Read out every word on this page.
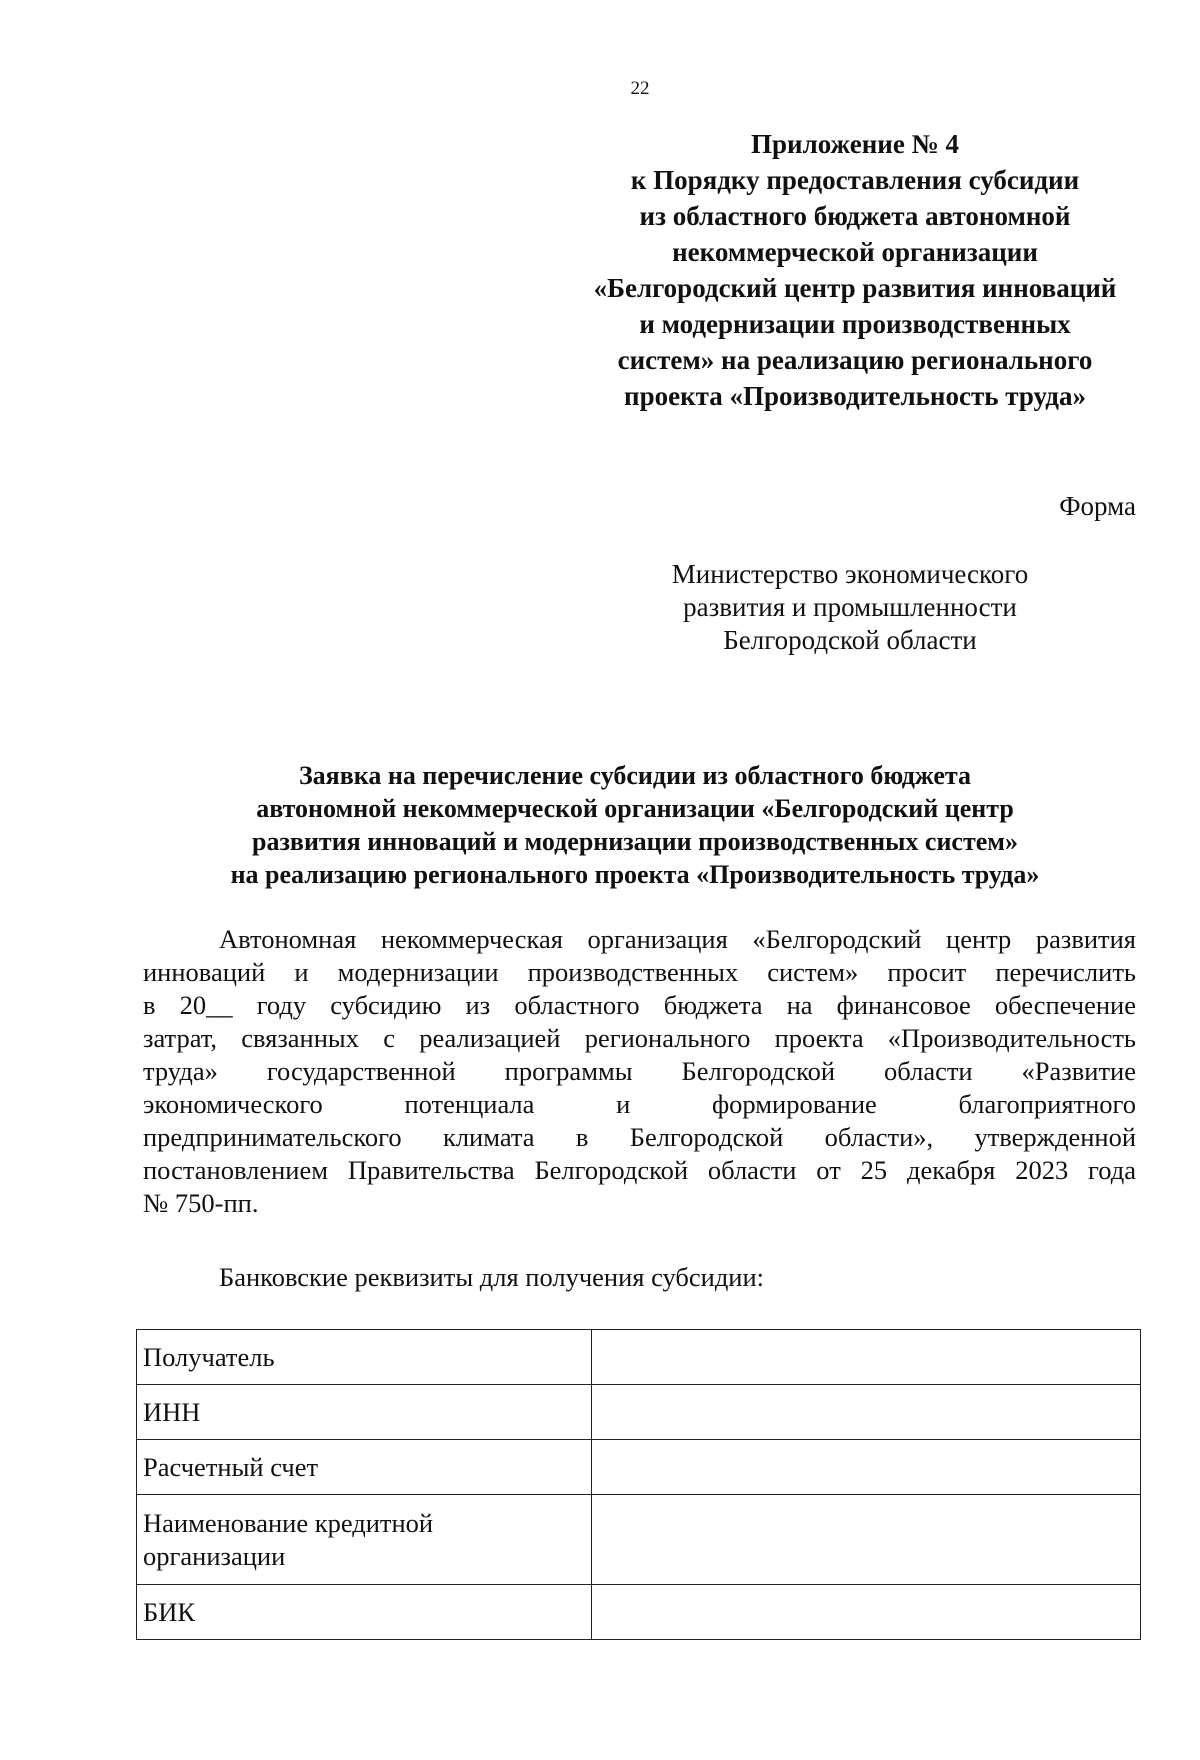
22
Приложение № 4
к Порядку предоставления субсидии
из областного бюджета автономной
некоммерческой организации
«Белгородский центр развития инноваций
и модернизации производственных
систем» на реализацию регионального
проекта «Производительность труда»
Форма
Министерство экономического
развития и промышленности
Белгородской области
Заявка на перечисление субсидии из областного бюджета
автономной некоммерческой организации «Белгородский центр
развития инноваций и модернизации производственных систем»
на реализацию регионального проекта «Производительность труда»
Автономная некоммерческая организация «Белгородский центр развития
инноваций и модернизации производственных систем» просит перечислить
в 20__ году субсидию из областного бюджета на финансовое обеспечение
затрат, связанных с реализацией регионального проекта «Производительность
труда» государственной программы Белгородской области «Развитие
экономического потенциала и формирование благоприятного
предпринимательского климата в Белгородской области», утвержденной
постановлением Правительства Белгородской области от 25 декабря 2023 года
№ 750-пп.
Банковские реквизиты для получения субсидии:
Получатель	
ИНН	
Расчетный счет	

Наименование кредитной
организации	

БИК	
